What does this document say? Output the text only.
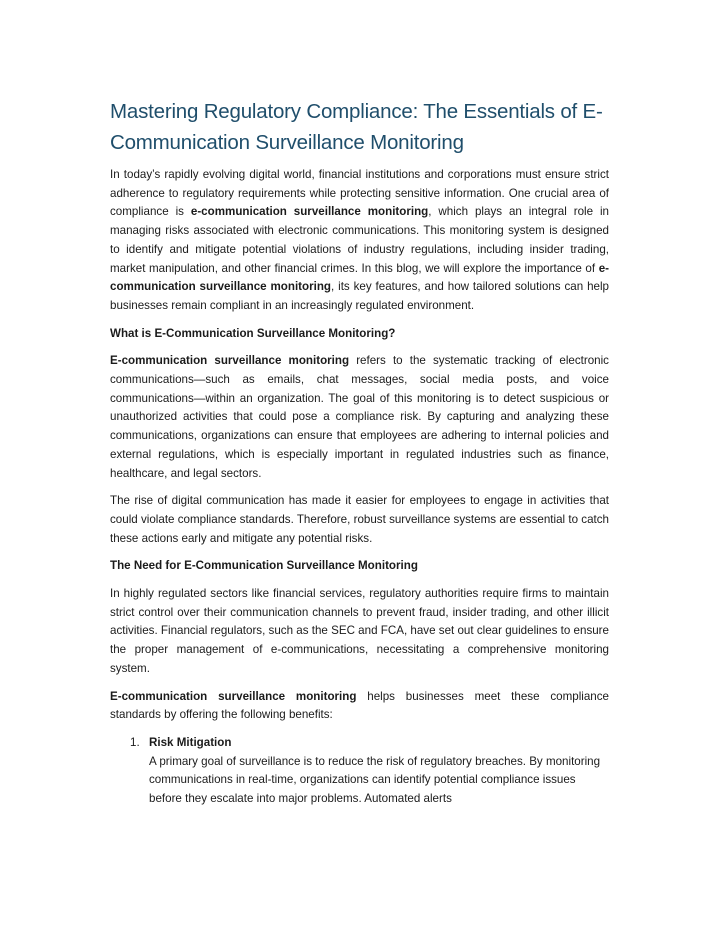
Mastering Regulatory Compliance: The Essentials of E-Communication Surveillance Monitoring

In today’s rapidly evolving digital world, financial institutions and corporations must ensure strict adherence to regulatory requirements while protecting sensitive information. One crucial area of compliance is e-communication surveillance monitoring, which plays an integral role in managing risks associated with electronic communications. This monitoring system is designed to identify and mitigate potential violations of industry regulations, including insider trading, market manipulation, and other financial crimes. In this blog, we will explore the importance of e-communication surveillance monitoring, its key features, and how tailored solutions can help businesses remain compliant in an increasingly regulated environment.

What is E-Communication Surveillance Monitoring?

E-communication surveillance monitoring refers to the systematic tracking of electronic communications—such as emails, chat messages, social media posts, and voice communications—within an organization. The goal of this monitoring is to detect suspicious or unauthorized activities that could pose a compliance risk. By capturing and analyzing these communications, organizations can ensure that employees are adhering to internal policies and external regulations, which is especially important in regulated industries such as finance, healthcare, and legal sectors.

The rise of digital communication has made it easier for employees to engage in activities that could violate compliance standards. Therefore, robust surveillance systems are essential to catch these actions early and mitigate any potential risks.

The Need for E-Communication Surveillance Monitoring

In highly regulated sectors like financial services, regulatory authorities require firms to maintain strict control over their communication channels to prevent fraud, insider trading, and other illicit activities. Financial regulators, such as the SEC and FCA, have set out clear guidelines to ensure the proper management of e-communications, necessitating a comprehensive monitoring system.

E-communication surveillance monitoring helps businesses meet these compliance standards by offering the following benefits:

1. Risk Mitigation
A primary goal of surveillance is to reduce the risk of regulatory breaches. By monitoring communications in real-time, organizations can identify potential compliance issues before they escalate into major problems. Automated alerts
